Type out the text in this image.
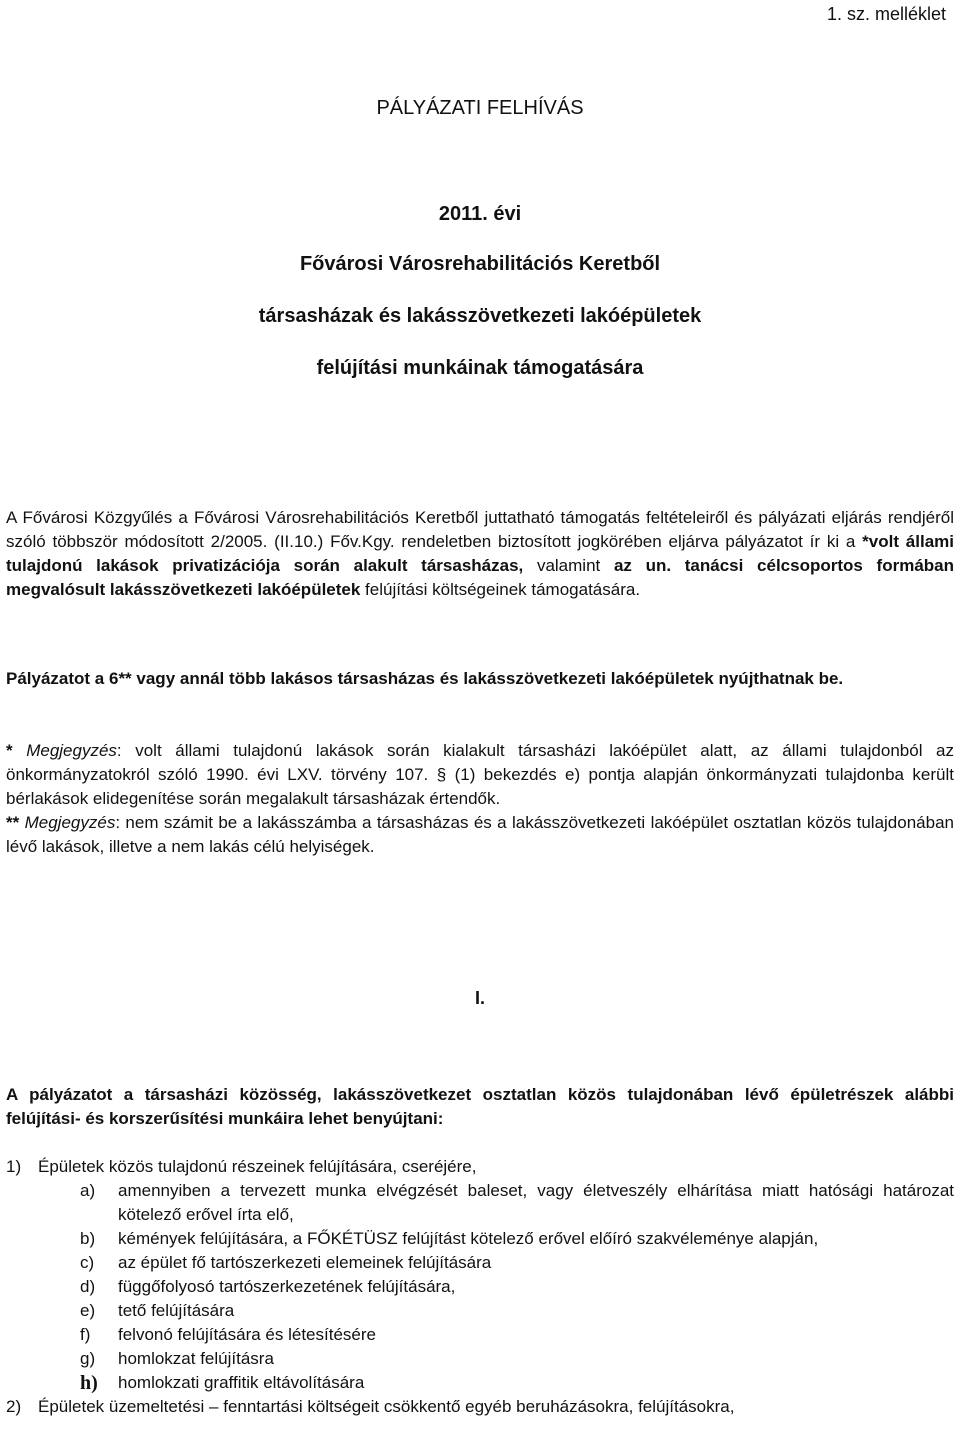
1. sz. melléklet
PÁLYÁZATI FELHÍVÁS
2011. évi
Fővárosi Városrehabilitációs Keretből
társasházak és lakásszövetkezeti lakóépületek
felújítási munkáinak támogatására

A Fővárosi Közgyűlés a Fővárosi Városrehabilitációs Keretből juttatható támogatás feltételeiről és pályázati eljárás rendjéről szóló többször módosított 2/2005. (II.10.) Főv.Kgy. rendeletben biztosított jogkörében eljárva pályázatot ír ki a *volt állami tulajdonú lakások privatizációja során alakult társasházas, valamint az un. tanácsi célcsoportos formában megvalósult lakásszövetkezeti lakóépületek felújítási költségeinek támogatására.

Pályázatot a 6** vagy annál több lakásos társasházas és lakásszövetkezeti lakóépületek nyújthatnak be.

* Megjegyzés: volt állami tulajdonú lakások során kialakult társasházi lakóépület alatt, az állami tulajdonból az önkormányzatokról szóló 1990. évi LXV. törvény 107. § (1) bekezdés e) pontja alapján önkormányzati tulajdonba került bérlakások elidegenítése során megalakult társasházak értendők.
** Megjegyzés: nem számit be a lakásszámba a társasházas és a lakásszövetkezeti lakóépület osztatlan közös tulajdonában lévő lakások, illetve a nem lakás célú helyiségek.

I.

A pályázatot a társasházi közösség, lakásszövetkezet osztatlan közös tulajdonában lévő épületrészek alábbi felújítási- és korszerűsítési munkáira lehet benyújtani:

1) Épületek közös tulajdonú részeinek felújítására, cseréjére,
a) amennyiben a tervezett munka elvégzését baleset, vagy életveszély elhárítása miatt hatósági határozat kötelező erővel írta elő,
b) kémények felújítására, a FŐKÉTÜSZ felújítást kötelező erővel előíró szakvéleménye alapján,
c) az épület fő tartószerkezeti elemeinek felújítására
d) függőfolyosó tartószerkezetének felújítására,
e) tető felújítására
f) felvonó felújítására és létesítésére
g) homlokzat felújításra
h) homlokzati graffitik eltávolítására
2) Épületek üzemeltetési – fenntartási költségeit csökkentő egyéb beruházásokra, felújításokra,
